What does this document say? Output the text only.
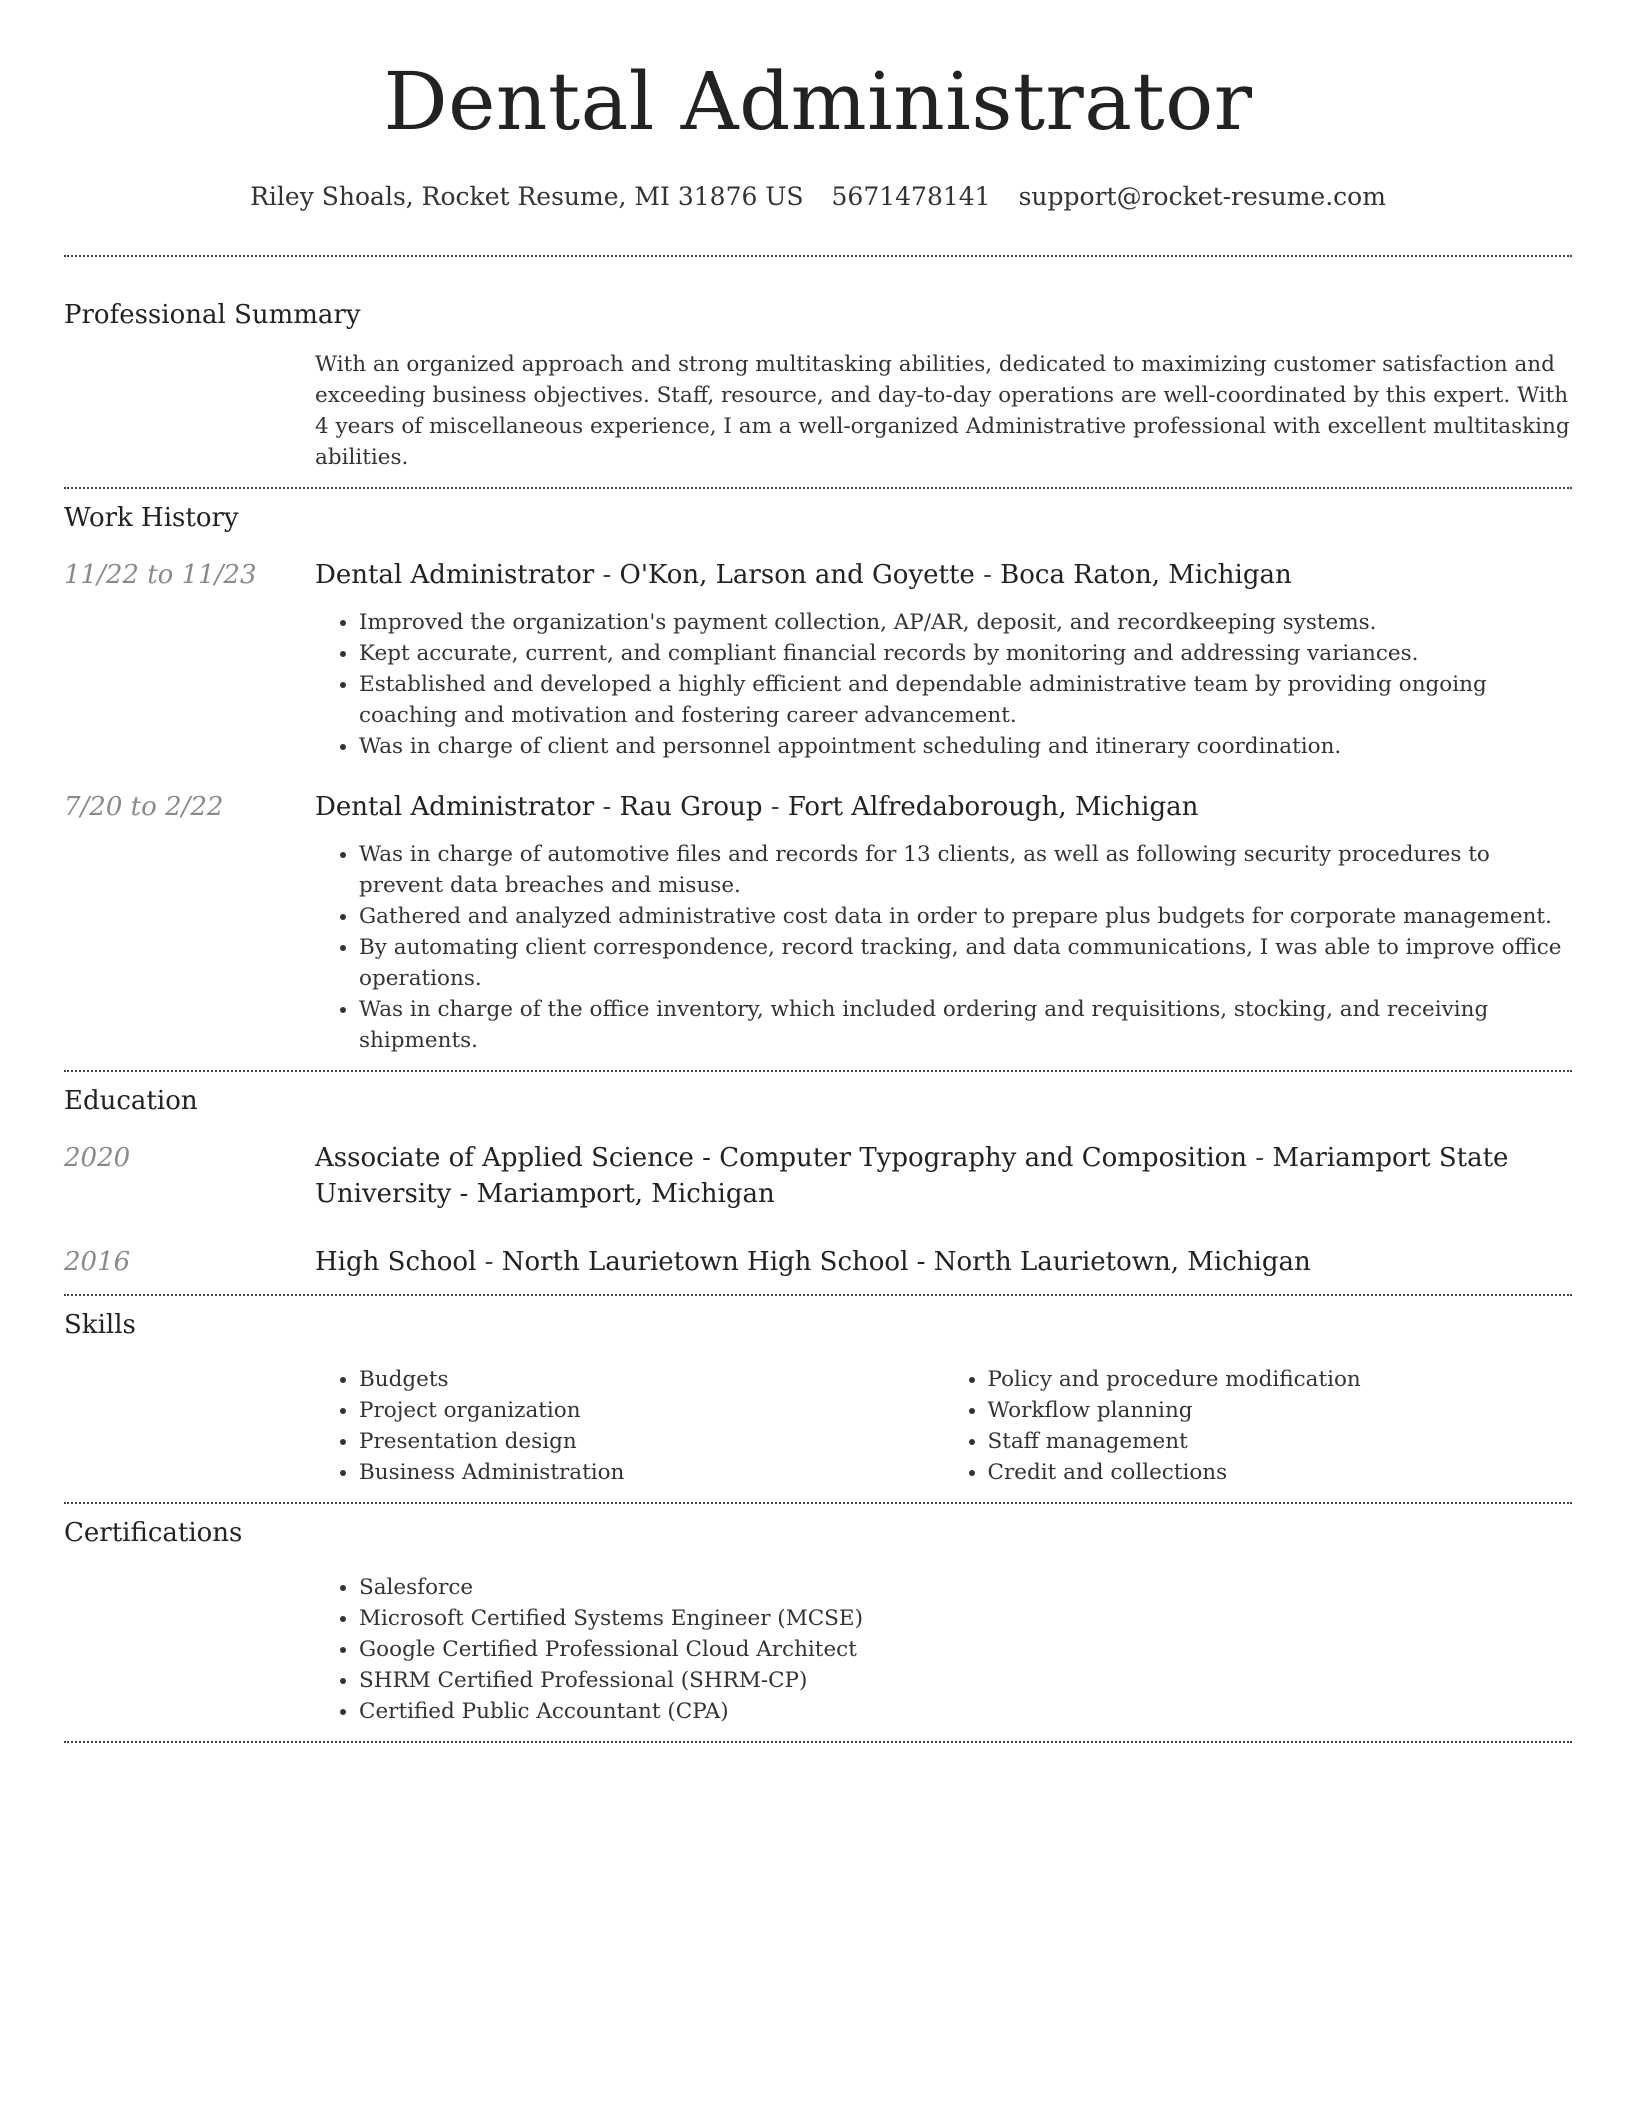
Dental Administrator
Riley Shoals, Rocket Resume, MI 31876 US 5671478141 support@rocket-resume.com
Professional Summary

With an organized approach and strong multitasking abilities, dedicated to maximizing customer satisfaction and exceeding business objectives. Staff, resource, and day-to-day operations are well-coordinated by this expert. With 4 years of miscellaneous experience, I am a well-organized Administrative professional with excellent multitasking abilities.

Work History
11/22 to 11/23	Dental Administrator - O'Kon, Larson and Goyette - Boca Raton, Michigan
• Improved the organization's payment collection, AP/AR, deposit, and recordkeeping systems.
• Kept accurate, current, and compliant financial records by monitoring and addressing variances.
• Established and developed a highly efficient and dependable administrative team by providing ongoing coaching and motivation and fostering career advancement.
• Was in charge of client and personnel appointment scheduling and itinerary coordination.
7/20 to 2/22	Dental Administrator - Rau Group - Fort Alfredaborough, Michigan
• Was in charge of automotive files and records for 13 clients, as well as following security procedures to prevent data breaches and misuse.
• Gathered and analyzed administrative cost data in order to prepare plus budgets for corporate management.
• By automating client correspondence, record tracking, and data communications, I was able to improve office operations.
• Was in charge of the office inventory, which included ordering and requisitions, stocking, and receiving shipments.
Education
2020	Associate of Applied Science - Computer Typography and Composition - Mariamport State University - Mariamport, Michigan
2016	High School - North Laurietown High School - North Laurietown, Michigan
Skills
• Budgets
• Project organization
• Presentation design
• Business Administration
• Policy and procedure modification
• Workflow planning
• Staff management
• Credit and collections
Certifications
• Salesforce
• Microsoft Certified Systems Engineer (MCSE)
• Google Certified Professional Cloud Architect
• SHRM Certified Professional (SHRM-CP)
• Certified Public Accountant (CPA)
